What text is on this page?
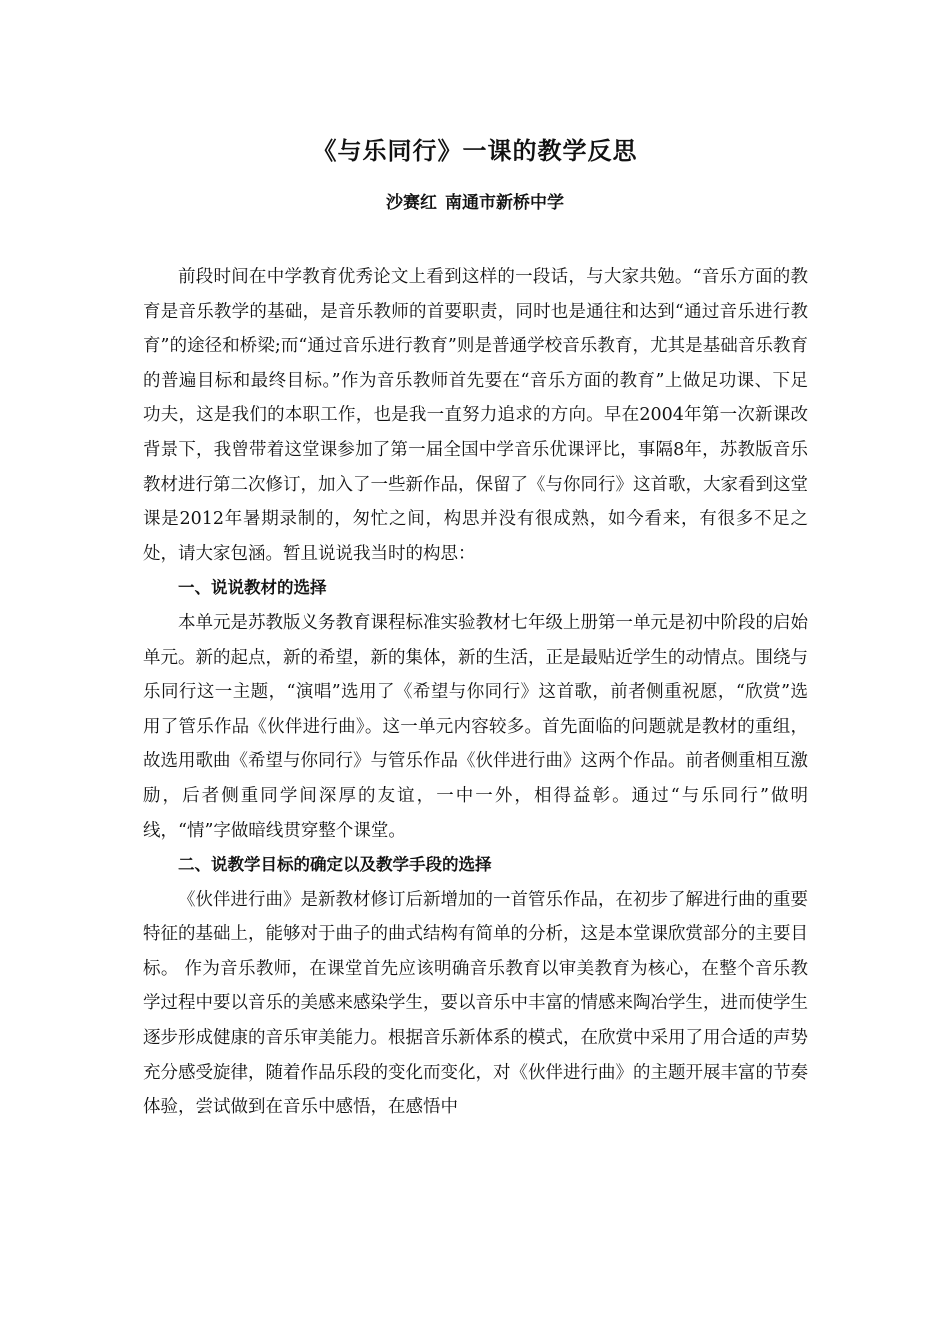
《与乐同行》一课的教学反思
沙赛红 南通市新桥中学

前段时间在中学教育优秀论文上看到这样的一段话，与大家共勉。“音乐方面的教育是音乐教学的基础，是音乐教师的首要职责，同时也是通往和达到“通过音乐进行教育”的途径和桥梁;而“通过音乐进行教育”则是普通学校音乐教育，尤其是基础音乐教育的普遍目标和最终目标。”作为音乐教师首先要在“音乐方面的教育”上做足功课、下足功夫，这是我们的本职工作，也是我一直努力追求的方向。早在2004年第一次新课改背景下，我曾带着这堂课参加了第一届全国中学音乐优课评比，事隔8年，苏教版音乐教材进行第二次修订，加入了一些新作品，保留了《与你同行》这首歌，大家看到这堂课是2012年暑期录制的，匆忙之间，构思并没有很成熟，如今看来，有很多不足之处，请大家包涵。暂且说说我当时的构思：

一、说说教材的选择

本单元是苏教版义务教育课程标准实验教材七年级上册第一单元是初中阶段的启始单元。新的起点，新的希望，新的集体，新的生活，正是最贴近学生的动情点。围绕与乐同行这一主题，“演唱”选用了《希望与你同行》这首歌，前者侧重祝愿，“欣赏”选用了管乐作品《伙伴进行曲》。这一单元内容较多。首先面临的问题就是教材的重组，故选用歌曲《希望与你同行》与管乐作品《伙伴进行曲》这两个作品。前者侧重相互激励，后者侧重同学间深厚的友谊，一中一外，相得益彰。通过“与乐同行”做明线，“情”字做暗线贯穿整个课堂。

二、说教学目标的确定以及教学手段的选择

《伙伴进行曲》是新教材修订后新增加的一首管乐作品，在初步了解进行曲的重要特征的基础上，能够对于曲子的曲式结构有简单的分析，这是本堂课欣赏部分的主要目标。 作为音乐教师，在课堂首先应该明确音乐教育以审美教育为核心，在整个音乐教学过程中要以音乐的美感来感染学生，要以音乐中丰富的情感来陶冶学生，进而使学生逐步形成健康的音乐审美能力。根据音乐新体系的模式，在欣赏中采用了用合适的声势充分感受旋律，随着作品乐段的变化而变化，对《伙伴进行曲》的主题开展丰富的节奏体验，尝试做到在音乐中感悟，在感悟中
